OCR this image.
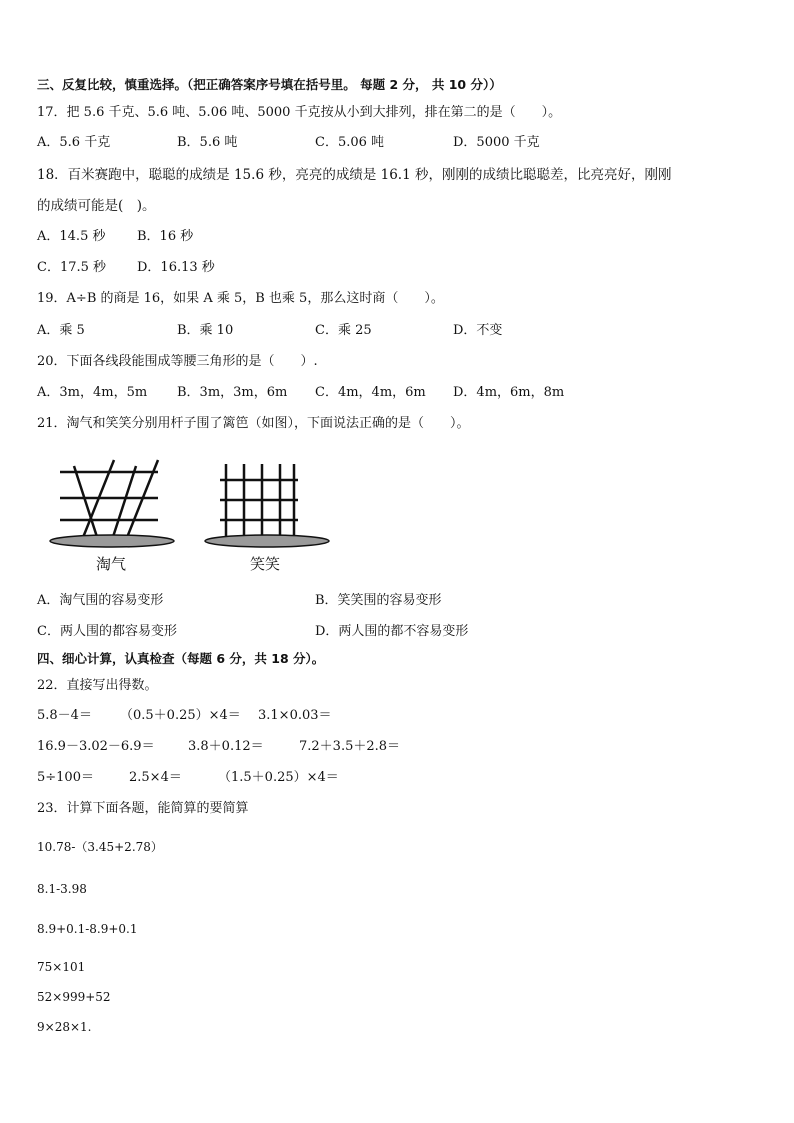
三、反复比较，慎重选择。（把正确答案序号填在括号里。 每题 2 分， 共 10 分））
17．把 5.6 千克、5.6 吨、5.06 吨、5000 千克按从小到大排列，排在第二的是（　　）。
A．5.6 千克	B．5.6 吨	C．5.06 吨	D．5000 千克
18．百米赛跑中，聪聪的成绩是 15.6 秒，亮亮的成绩是 16.1 秒，刚刚的成绩比聪聪差，比亮亮好，刚刚
的成绩可能是(　)。
A．14.5 秒 B．16 秒
C．17.5 秒 D．16.13 秒
19．A÷B 的商是 16，如果 A 乘 5，B 也乘 5，那么这时商（　　）。
A．乘 5	B．乘 10	C．乘 25	D．不变
20．下面各线段能围成等腰三角形的是（　　）.
A．3m，4m，5m B．3m，3m，6m C．4m，4m，6m D．4m，6m，8m
21．淘气和笑笑分别用杆子围了篱笆（如图），下面说法正确的是（　　）。
淘气	笑笑
A．淘气围的容易变形	B．笑笑围的容易变形
C．两人围的都容易变形	D．两人围的都不容易变形
四、细心计算，认真检查（每题 6 分，共 18 分）。
22．直接写出得数。
5.8－4＝ （0.5＋0.25）×4＝ 3.1×0.03＝
16.9－3.02－6.9＝	3.8＋0.12＝	7.2＋3.5＋2.8＝
5÷100＝	2.5×4＝	（1.5＋0.25）×4＝
23．计算下面各题，能简算的要简算
10.78-（3.45+2.78）
8.1-3.98
8.9+0.1-8.9+0.1
75×101
52×999+52
9×28×1.
